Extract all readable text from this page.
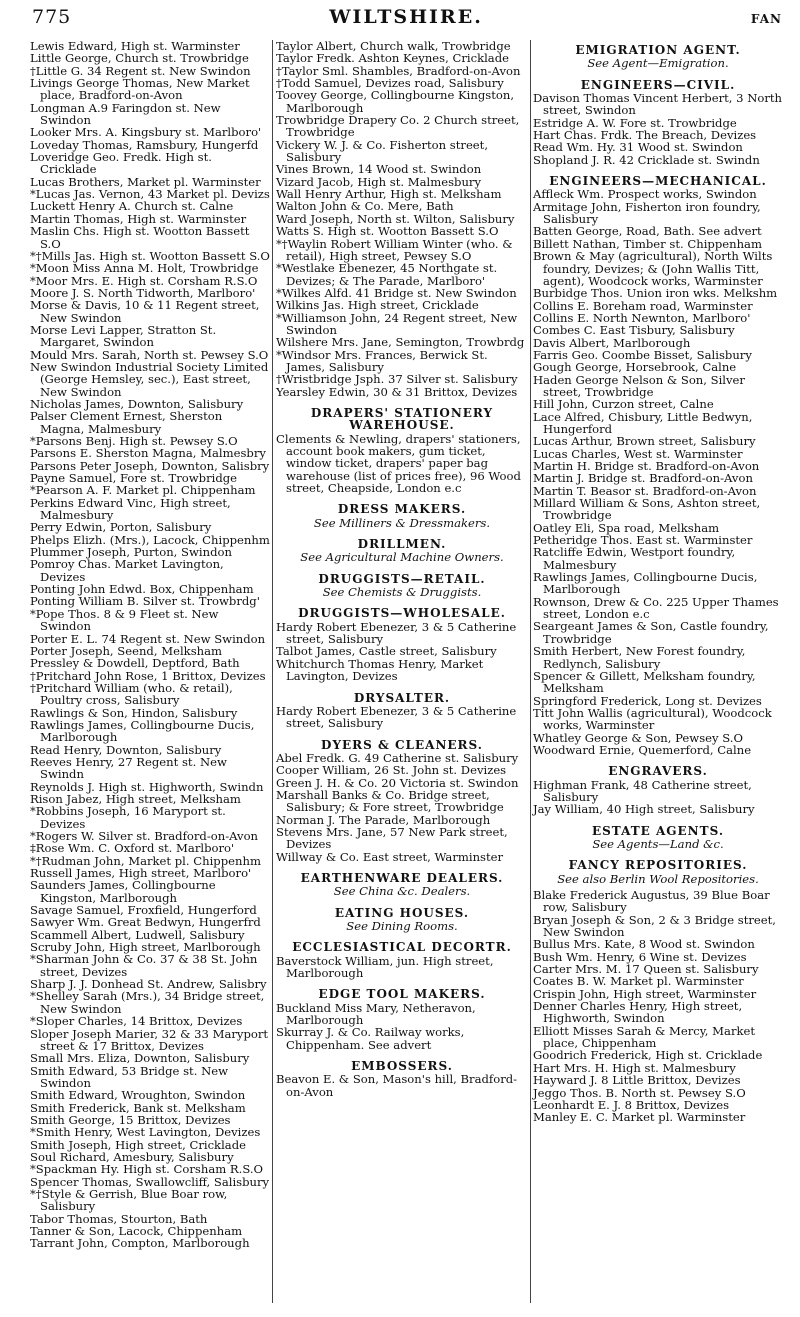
775	WILTSHIRE.	FAN
Lewis Edward, High st. Warminster
Little George, Church st. Trowbridge
†Little G. 34 Regent st. New Swindon
Livings George Thomas, New Market place, Bradford-on-Avon
Longman A.9 Faringdon st. New Swindon
Looker Mrs. A. Kingsbury st. Marlboro'
Loveday Thomas, Ramsbury, Hungerfd
Loveridge Geo. Fredk. High st. Cricklade
Lucas Brothers, Market pl. Warminster
*Lucas Jas. Vernon, 43 Market pl. Devizs
Luckett Henry A. Church st. Calne
Martin Thomas, High st. Warminster
Maslin Chs. High st. Wootton Bassett S.O
*†Mills Jas. High st. Wootton Bassett S.O
*Moon Miss Anna M. Holt, Trowbridge
*Moor Mrs. E. High st. Corsham R.S.O
Moore J. S. North Tidworth, Marlboro'
Morse & Davis, 10 & 11 Regent street, New Swindon
Morse Levi Lapper, Stratton St. Margaret, Swindon
Mould Mrs. Sarah, North st. Pewsey S.O
New Swindon Industrial Society Limited (George Hemsley, sec.), East street, New Swindon
Nicholas James, Downton, Salisbury
Palser Clement Ernest, Sherston Magna, Malmesbury
*Parsons Benj. High st. Pewsey S.O
Parsons E. Sherston Magna, Malmesbry
Parsons Peter Joseph, Downton, Salisbry
Payne Samuel, Fore st. Trowbridge
*Pearson A. F. Market pl. Chippenham
Perkins Edward Vinc, High street, Malmesbury
Perry Edwin, Porton, Salisbury
Phelps Elizh. (Mrs.), Lacock, Chippenhm
Plummer Joseph, Purton, Swindon
Pomroy Chas. Market Lavington, Devizes
Ponting John Edwd. Box, Chippenham
Ponting William B. Silver st. Trowbrdg'
*Pope Thos. 8 & 9 Fleet st. New Swindon
Porter E. L. 74 Regent st. New Swindon
Porter Joseph, Seend, Melksham
Pressley & Dowdell, Deptford, Bath
†Pritchard John Rose, 1 Brittox, Devizes
†Pritchard William (who. & retail), Poultry cross, Salisbury
Rawlings & Son, Hindon, Salisbury
Rawlings James, Collingbourne Ducis, Marlborough
Read Henry, Downton, Salisbury
Reeves Henry, 27 Regent st. New Swindn
Reynolds J. High st. Highworth, Swindn
Rison Jabez, High street, Melksham
*Robbins Joseph, 16 Maryport st. Devizes
*Rogers W. Silver st. Bradford-on-Avon
‡Rose Wm. C. Oxford st. Marlboro'
*†Rudman John, Market pl. Chippenhm
Russell James, High street, Marlboro'
Saunders James, Collingbourne Kingston, Marlborough
Savage Samuel, Froxfield, Hungerford
Sawyer Wm. Great Bedwyn, Hungerfrd
Scammell Albert, Ludwell, Salisbury
Scruby John, High street, Marlborough
*Sharman John & Co. 37 & 38 St. John street, Devizes
Sharp J. J. Donhead St. Andrew, Salisbry
*Shelley Sarah (Mrs.), 34 Bridge street, New Swindon
*Sloper Charles, 14 Brittox, Devizes
Sloper Joseph Marier, 32 & 33 Maryport street & 17 Brittox, Devizes
Small Mrs. Eliza, Downton, Salisbury
Smith Edward, 53 Bridge st. New Swindon
Smith Edward, Wroughton, Swindon
Smith Frederick, Bank st. Melksham
Smith George, 15 Brittox, Devizes
*Smith Henry, West Lavington, Devizes
Smith Joseph, High street, Cricklade
Soul Richard, Amesbury, Salisbury
*Spackman Hy. High st. Corsham R.S.O
Spencer Thomas, Swallowcliff, Salisbury
*†Style & Gerrish, Blue Boar row, Salisbury
Tabor Thomas, Stourton, Bath
Tanner & Son, Lacock, Chippenham
Tarrant John, Compton, Marlborough
Taylor Albert, Church walk, Trowbridge
Taylor Fredk. Ashton Keynes, Cricklade
†Taylor Sml. Shambles, Bradford-on-Avon
†Todd Samuel, Devizes road, Salisbury
Toovey George, Collingbourne Kingston, Marlborough
Trowbridge Drapery Co. 2 Church street, Trowbridge
Vickery W. J. & Co. Fisherton street, Salisbury
Vines Brown, 14 Wood st. Swindon
Vizard Jacob, High st. Malmesbury
Wall Henry Arthur, High st. Melksham
Walton John & Co. Mere, Bath
Ward Joseph, North st. Wilton, Salisbury
Watts S. High st. Wootton Bassett S.O
*†Waylin Robert William Winter (who. & retail), High street, Pewsey S.O
*Westlake Ebenezer, 45 Northgate st. Devizes; & The Parade, Marlboro'
*Wilkes Alfd. 41 Bridge st. New Swindon
Wilkins Jas. High street, Cricklade
*Williamson John, 24 Regent street, New Swindon
Wilshere Mrs. Jane, Semington, Trowbrdg
*Windsor Mrs. Frances, Berwick St. James, Salisbury
†Wristbridge Jsph. 37 Silver st. Salisbury
Yearsley Edwin, 30 & 31 Brittox, Devizes
DRAPERS' STATIONERY WAREHOUSE.
Clements & Newling, drapers' stationers, account book makers, gum ticket, window ticket, drapers' paper bag warehouse (list of prices free), 96 Wood street, Cheapside, London e.c
DRESS MAKERS.
See Milliners & Dressmakers.
DRILLMEN.
See Agricultural Machine Owners.
DRUGGISTS—RETAIL.
See Chemists & Druggists.
DRUGGISTS—WHOLESALE.
Hardy Robert Ebenezer, 3 & 5 Catherine street, Salisbury
Talbot James, Castle street, Salisbury
Whitchurch Thomas Henry, Market Lavington, Devizes
DRYSALTER.
Hardy Robert Ebenezer, 3 & 5 Catherine street, Salisbury
DYERS & CLEANERS.
Abel Fredk. G. 49 Catherine st. Salisbury
Cooper William, 26 St. John st. Devizes
Green J. H. & Co. 20 Victoria st. Swindon
Marshall Banks & Co. Bridge street, Salisbury; & Fore street, Trowbridge
Norman J. The Parade, Marlborough
Stevens Mrs. Jane, 57 New Park street, Devizes
Willway & Co. East street, Warminster
EARTHENWARE DEALERS.
See China &c. Dealers.
EATING HOUSES.
See Dining Rooms.
ECCLESIASTICAL DECORTR.
Baverstock William, jun. High street, Marlborough
EDGE TOOL MAKERS.
Buckland Miss Mary, Netheravon, Marlborough
Skurray J. & Co. Railway works, Chippenham. See advert
EMBOSSERS.
Beavon E. & Son, Mason's hill, Bradford-on-Avon
EMIGRATION AGENT.
See Agent—Emigration.
ENGINEERS—CIVIL.
Davison Thomas Vincent Herbert, 3 North street, Swindon
Estridge A. W. Fore st. Trowbridge
Hart Chas. Frdk. The Breach, Devizes
Read Wm. Hy. 31 Wood st. Swindon
Shopland J. R. 42 Cricklade st. Swindn
ENGINEERS—MECHANICAL.
Affleck Wm. Prospect works, Swindon
Armitage John, Fisherton iron foundry, Salisbury
Batten George, Road, Bath. See advert
Billett Nathan, Timber st. Chippenham
Brown & May (agricultural), North Wilts foundry, Devizes; & (John Wallis Titt, agent), Woodcock works, Warminster
Burbidge Thos. Union iron wks. Melkshm
Collins E. Boreham road, Warminster
Collins E. North Newnton, Marlboro'
Combes C. East Tisbury, Salisbury
Davis Albert, Marlborough
Farris Geo. Coombe Bisset, Salisbury
Gough George, Horsebrook, Calne
Haden George Nelson & Son, Silver street, Trowbridge
Hill John, Curzon street, Calne
Lace Alfred, Chisbury, Little Bedwyn, Hungerford
Lucas Arthur, Brown street, Salisbury
Lucas Charles, West st. Warminster
Martin H. Bridge st. Bradford-on-Avon
Martin J. Bridge st. Bradford-on-Avon
Martin T. Beasor st. Bradford-on-Avon
Millard William & Sons, Ashton street, Trowbridge
Oatley Eli, Spa road, Melksham
Petheridge Thos. East st. Warminster
Ratcliffe Edwin, Westport foundry, Malmesbury
Rawlings James, Collingbourne Ducis, Marlborough
Rownson, Drew & Co. 225 Upper Thames street, London e.c
Seargeant James & Son, Castle foundry, Trowbridge
Smith Herbert, New Forest foundry, Redlynch, Salisbury
Spencer & Gillett, Melksham foundry, Melksham
Springford Frederick, Long st. Devizes
Titt John Wallis (agricultural), Woodcock works, Warminster
Whatley George & Son, Pewsey S.O
Woodward Ernie, Quemerford, Calne
ENGRAVERS.
Highman Frank, 48 Catherine street, Salisbury
Jay William, 40 High street, Salisbury
ESTATE AGENTS.
See Agents—Land &c.
FANCY REPOSITORIES.
See also Berlin Wool Repositories.
Blake Frederick Augustus, 39 Blue Boar row, Salisbury
Bryan Joseph & Son, 2 & 3 Bridge street, New Swindon
Bullus Mrs. Kate, 8 Wood st. Swindon
Bush Wm. Henry, 6 Wine st. Devizes
Carter Mrs. M. 17 Queen st. Salisbury
Coates B. W. Market pl. Warminster
Crispin John, High street, Warminster
Denner Charles Henry, High street, Highworth, Swindon
Elliott Misses Sarah & Mercy, Market place, Chippenham
Goodrich Frederick, High st. Cricklade
Hart Mrs. H. High st. Malmesbury
Hayward J. 8 Little Brittox, Devizes
Jeggo Thos. B. North st. Pewsey S.O
Leonhardt E. J. 8 Brittox, Devizes
Manley E. C. Market pl. Warminster
